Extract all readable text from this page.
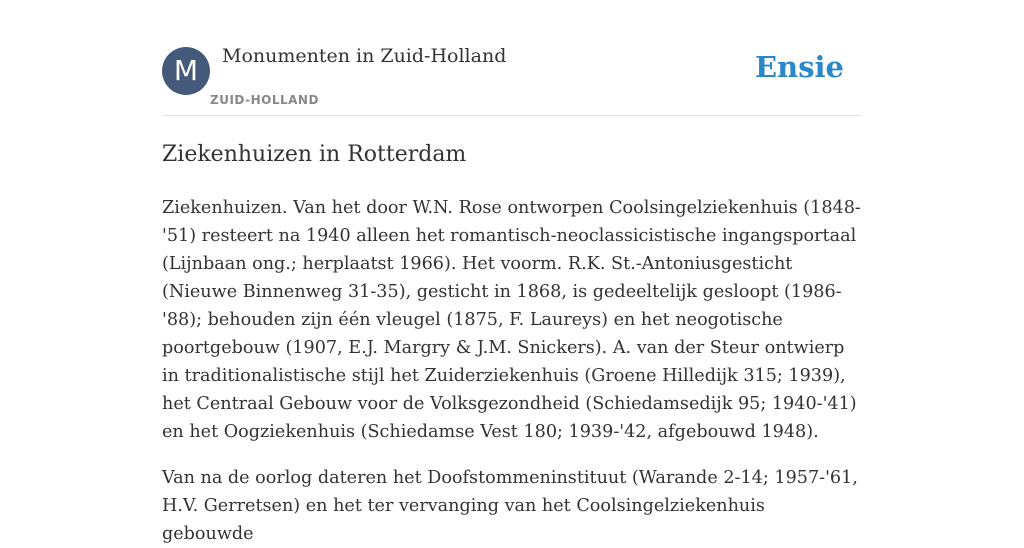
M	Monumenten in Zuid-Holland
ZUID-HOLLAND
Ensie
Ziekenhuizen in Rotterdam

Ziekenhuizen. Van het door W.N. Rose ontworpen Coolsingelziekenhuis (1848-'51) resteert na 1940 alleen het romantisch-neoclassicistische ingangsportaal (Lijnbaan ong.; herplaatst 1966). Het voorm. R.K. St.-Antoniusgesticht (Nieuwe Binnenweg 31-35), gesticht in 1868, is gedeeltelijk gesloopt (1986-'88); behouden zijn één vleugel (1875, F. Laureys) en het neogotische poortgebouw (1907, E.J. Margry & J.M. Snickers). A. van der Steur ontwierp in traditionalistische stijl het Zuiderziekenhuis (Groene Hilledijk 315; 1939), het Centraal Gebouw voor de Volksgezondheid (Schiedamsedijk 95; 1940-'41) en het Oogziekenhuis (Schiedamse Vest 180; 1939-'42, afgebouwd 1948).

Van na de oorlog dateren het Doofstommeninstituut (Warande 2-14; 1957-'61, H.V. Gerretsen) en het ter vervanging van het Coolsingelziekenhuis gebouwde
